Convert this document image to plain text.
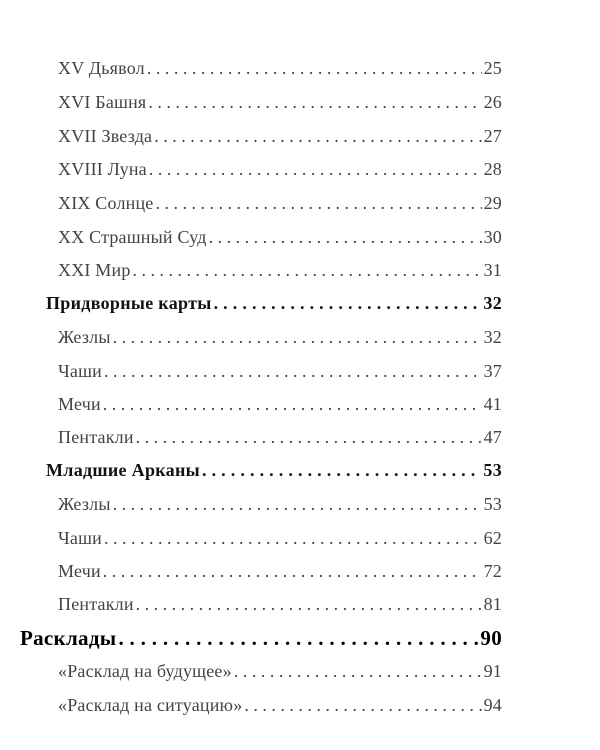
XV Дьявол . . .	25
XVI Башня . . .	26
XVII Звезда . . .	27
XVIII Луна . . .	28
XIX Солнце . . .	29
XX Страшный Суд . . .	30
XXI Мир . . .	31
Придворные карты . . .	32
Жезлы . . .	32
Чаши . . .	37
Мечи . . .	41
Пентакли . . .	47
Младшие Арканы . . .	53
Жезлы . . .	53
Чаши . . .	62
Мечи . . .	72
Пентакли . . .	81
Расклады . . .	90
«Расклад на будущее» . . .	91
«Расклад на ситуацию» . . .	94
